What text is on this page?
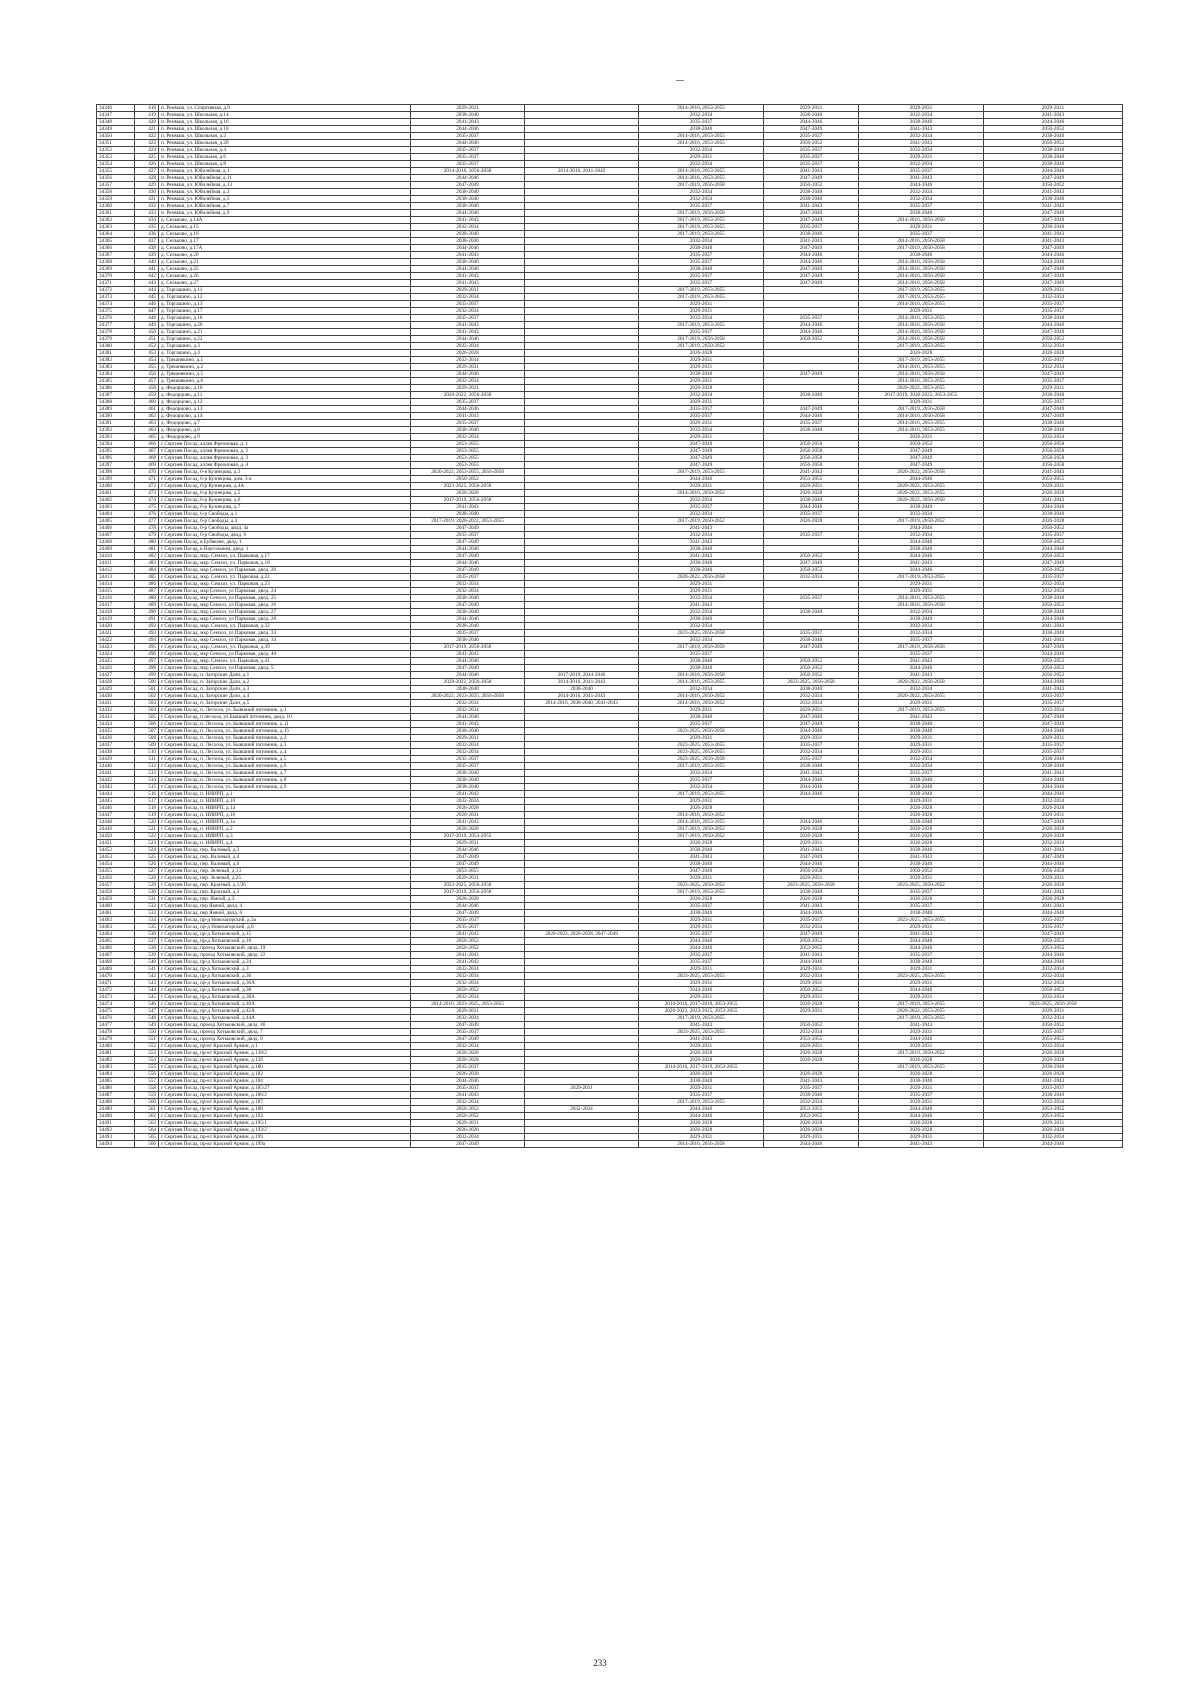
34346	418	п. Реммаш, ул. Спортивная, д.9	2029-2031		2014-2016, 2053-2055	2029-2031	2029-2031	2029-2031
34347	419	п. Реммаш, ул. Школьная, д.14	2038-2040		2032-2034	2038-2040	2032-2034	2041-2043
34348	420	п. Реммаш, ул. Школьная, д.16	2041-2043		2035-2037	2044-2046	2038-2040	2044-2046
34349	421	п. Реммаш, ул. Школьная, д.18	2044-2046		2038-2040	2047-2049	2041-2043	2050-2052
34350	422	п. Реммаш, ул. Школьная, д.2	2035-2037		2014-2016, 2053-2055	2035-2037	2032-2034	2038-2040
34351	423	п. Реммаш, ул. Школьная, д.20	2044-2046		2014-2016, 2053-2055	2050-2052	2041-2043	2050-2052
34352	424	п. Реммаш, ул. Школьная, д.4	2035-2037		2032-2034	2035-2037	2032-2034	2038-2040
34353	425	п. Реммаш, ул. Школьная, д.6	2035-2037		2029-2031	2035-2037	2029-2031	2038-2040
34354	426	п. Реммаш, ул. Школьная, д.8	2035-2037		2032-2034	2035-2037	2032-2034	2038-2040
34355	427	п. Реммаш, ул. Юбилейная, д.1	2014-2016, 2056-2058	2014-2016, 2041-2043	2014-2016, 2053-2055	2041-2043	2035-2037	2044-2046
34356	428	п. Реммаш, ул. Юбилейная, д.11	2044-2046		2014-2016, 2053-2055	2047-2049	2041-2043	2047-2049
34357	429	п. Реммаш, ул. Юбилейная, д.13	2047-2049		2017-2019, 2056-2058	2050-2052	2044-2046	2050-2052
34358	430	п. Реммаш, ул. Юбилейная, д.3	2038-2040		2032-2034	2038-2040	2032-2034	2041-2043
34359	431	п. Реммаш, ул. Юбилейная, д.5	2038-2040		2032-2034	2038-2040	2032-2034	2038-2040
34360	432	п. Реммаш, ул. Юбилейная, д.7	2038-2040		2035-2037	2041-2043	2035-2037	2041-2043
34361	433	п. Реммаш, ул. Юбилейная, д.9	2044-2046		2017-2019, 2056-2058	2047-2049	2038-2040	2047-2049
34362	434	д. Сельково, д.14А	2041-2043		2017-2019, 2053-2055	2047-2049	2014-2016, 2056-2058	2047-2049
34363	435	д. Сельково, д.15	2032-2034		2017-2019, 2053-2055	2035-2037	2029-2031	2038-2040
34364	436	д. Сельково, д.16	2038-2040		2017-2019, 2053-2055	2038-2040	2035-2037	2041-2043
34365	437	д. Сельково, д.17	2038-2040		2032-2034	2041-2043	2014-2016, 2056-2058	2041-2043
34366	438	д. Сельково, д.17А	2044-2046		2038-2040	2047-2049	2017-2019, 2056-2058	2047-2049
34367	439	д. Сельково, д.20	2041-2043		2035-2037	2044-2046	2038-2040	2044-2046
34368	440	д. Сельково, д.21	2038-2040		2035-2037	2044-2046	2014-2016, 2056-2058	2044-2046
34369	441	д. Сельково, д.25	2044-2046		2038-2040	2047-2049	2014-2016, 2056-2058	2047-2049
34370	442	д. Сельково, д.26	2041-2043		2035-2037	2047-2049	2014-2016, 2056-2058	2047-2049
34371	443	д. Сельково, д.27	2041-2043		2035-2037	2047-2049	2014-2016, 2056-2058	2047-2049
34372	444	д. Торгашино, д.11	2029-2031		2017-2019, 2053-2055		2017-2019, 2053-2055	2029-2031
34373	445	д. Торгашино, д.12	2032-2034		2017-2019, 2053-2055		2017-2019, 2053-2055	2032-2034
34374	446	д. Торгашино, д.13	2035-2037		2029-2031		2014-2016, 2053-2055	2035-2037
34375	447	д. Торгашино, д.17	2032-2034		2029-2031		2029-2031	2035-2037
34376	448	д. Торгашино, д.18	2035-2037		2032-2034	2035-2037	2014-2016, 2053-2055	2038-2040
34377	449	д. Торгашино, д.20	2041-2043		2017-2019, 2053-2055	2044-2046	2014-2016, 2056-2058	2044-2046
34378	450	д. Торгашино, д.21	2041-2043		2035-2037	2044-2046	2014-2016, 2056-2058	2047-2049
34379	451	д. Торгашино, д.22	2044-2046		2017-2019, 2056-2058	2050-2052	2014-2016, 2056-2058	2050-2052
34380	452	д. Торгашино, д.3	2032-2034		2017-2019, 2050-2052		2017-2019, 2053-2055	2032-2034
34381	453	д. Торгашино, д.4	2026-2028		2026-2028		2026-2028	2026-2028
34382	454	д. Трешнякино, д.1	2032-2034		2029-2031		2017-2019, 2053-2055	2035-2037
34383	455	д. Трешнякино, д.2	2029-2031		2029-2031		2014-2016, 2053-2055	2032-2034
34384	456	д. Трешнякино, д.5	2044-2046		2038-2040	2047-2049	2014-2016, 2056-2058	2047-2049
34385	457	д. Трешнякино, д.6	2032-2034		2029-2031		2014-2016, 2053-2055	2035-2037
34386	458	д. Федорцово, д.10	2029-2031		2026-2028		2020-2022, 2053-2055	2029-2031
34387	459	д. Федорцово, д.11	2020-2022, 2056-2058		2032-2034	2038-2040	2017-2019, 2020-2022, 2053-2055	2038-2040
34388	460	д. Федорцово, д.12	2035-2037		2029-2031		2029-2031	2035-2037
34389	461	д. Федорцово, д.13	2044-2046		2035-2037	2047-2049	2017-2019, 2056-2058	2047-2049
34390	462	д. Федорцово, д.14	2041-2043		2035-2037	2044-2046	2014-2016, 2056-2058	2047-2049
34391	463	д. Федорцово, д.7	2035-2037		2029-2031	2035-2037	2014-2016, 2053-2055	2038-2040
34392	464	д. Федорцово, д.8	2038-2040		2032-2034	2038-2040	2014-2016, 2053-2055	2038-2040
34393	465	д. Федорцово, д.9	2032-2034		2029-2031		2026-2031	2032-2034
34394	466	г Сергиев Посад, аллея Фреоновая, д. 1	2053-2055		2047-2049	2056-2058	2050-2052	2056-2058
34395	467	г Сергиев Посад, аллея Фреоновая, д. 2	2053-2055		2047-2049	2056-2058	2047-2049	2056-2058
34396	468	г Сергиев Посад, аллея Фреоновая, д. 3	2053-2055		2047-2049	2056-2058	2047-2049	2056-2058
34397	469	г Сергиев Посад, аллея Фреоновая, д. 4	2053-2055		2047-2049	2056-2058	2047-2049	2056-2058
34398	470	г Сергиев Посад, 6-я Кузнецова, д.3	2020-2022, 2053-2055, 2056-2058		2017-2019, 2053-2055	2041-2043	2020-2022, 2056-2058	2041-2043
34399	471	г Сергиев Посад, 6-р Кузнецова, дом. 3-а	2050-2052		2044-2046	2053-2055	2044-2046	2053-2055
34400	472	г Сергиев Посад, 6-р Кузнецова, д.4А	2023-2025, 2056-2058		2029-2031	2029-2031	2020-2022, 2053-2055	2029-2031
34401	473	г Сергиев Посад, 6-р Кузнецова, д.5	2026-2028		2014-2016, 2050-2052	2026-2028	2020-2022, 2053-2055	2026-2028
34402	474	г Сергиев Посад, 6-р Кузнецова, д.6	2017-2019, 2056-2058		2032-2034	2038-2040	2020-2022, 2056-2058	2041-2043
34403	475	г Сергиев Посад, 6-р Кузнецова, д.7	2041-2043		2035-2037	2044-2046	2038-2040	2044-2046
34404	476	г Сергиев Посад, 6-р Свободы, д.1	2038-2040		2032-2034	2035-2037	2032-2034	2038-2040
34405	477	г Сергиев Посад, 6-р Свободы, д.3	2017-2019, 2020-2022, 2053-2055		2017-2019, 2050-2052	2026-2028	2017-2019, 2050-2052	2026-2028
34406	478	г Сергиев Посад, 6-р Свободы, двлд. 4а	2047-2049		2041-2043		2044-2046	2050-2052
34407	479	г Сергиев Посад, 6-р Свободы, двлд. 6	2035-2037		2032-2034	2035-2037	2032-2034	2035-2037
34408	480	г Сергиев Посад, в Бубякове, двлд. 1	2047-2049		2041-2043		2044-2046	2050-2052
34409	481	г Сергиев Посад, в Наугольном, двлд. 1	2044-2046		2038-2040		2038-2040	2044-2046
34410	482	г Сергиев Посад, мкр. Семхоз, ул. Парковая, д.17	2047-2049		2041-2043	2050-2052	2044-2046	2050-2052
34411	483	г Сергиев Посад, мкр. Семхоз, ул. Парковая, д.18	2044-2046		2038-2040	2047-2049	2041-2043	2047-2049
34412	484	г Сергиев Посад, мкр Семхоз, ул Парковая, двлд. 20	2047-2049		2038-2040	2050-2052	2044-2046	2050-2052
34413	485	г Сергиев Посад, мкр. Семхоз, ул. Парковая, д.22	2035-2037		2020-2022, 2056-2058	2032-2034	2017-2019, 2053-2055	2035-2037
34414	486	г Сергиев Посад, мкр. Семхоз, ул. Парковая, д.23	2032-2034		2029-2031		2029-2031	2032-2034
34415	487	г Сергиев Посад, мкр Семхоз, ул Парковая, двлд. 24	2032-2034		2029-2031		2029-2031	2032-2034
34416	488	г Сергиев Посад, мкр Семхоз, ул Парковая, двлд. 25	2038-2040		2032-2034	2035-2037	2014-2016, 2053-2055	2038-2040
34417	489	г Сергиев Посад, мкр Семхоз, ул Парковая, двлд. 26	2047-2049		2041-2043		2014-2016, 2056-2058	2050-2052
34418	490	г Сергиев Посад, мкр Семхоз, ул Парковая, двлд. 27	2038-2040		2032-2034	2038-2040	2032-2034	2038-2040
34419	491	г Сергиев Посад, мкр Семхоз, ул Парковая, двлд. 28	2044-2046		2038-2040		2038-2040	2044-2046
34420	492	г Сергиев Посад, мкр. Семхоз, ул. Парковая, д.32	2038-2040		2032-2034		2032-2034	2041-2043
34421	493	г Сергиев Посад, мкр Семхоз, ул Парковая, двлд. 33	2035-2037		2023-2025, 2056-2058	2035-2037	2032-2034	2038-2040
34422	494	г Сергиев Посад, мкр Семхоз, ул Парковая, двлд. 34	2038-2040		2032-2034	2038-2040	2035-2037	2041-2043
34423	495	г Сергиев Посад, мкр. Семхоз, ул. Парковая, д.39	2017-2019, 2056-2058		2017-2019, 2056-2058	2047-2049	2017-2019, 2056-2058	2047-2049
34424	496	г Сергиев Посад, мкр Семхоз, ул Парковая, двлд. 40	2041-2043		2035-2037		2035-2037	2044-2046
34425	497	г Сергиев Посад, мкр. Семхоз, ул. Парковая, д.41	2044-2046		2038-2040	2050-2052	2041-2043	2050-2052
34426	498	г Сергиев Посад, мкр Семхоз, ул Парковая, двлд. 5	2047-2049		2038-2040	2050-2052	2044-2046	2050-2052
34427	499	г Сергиев Посад, п. Загорские Дали, д.1	2044-2046	2017-2019, 2044-2046	2014-2016, 2056-2058	2050-2052	2041-2043	2050-2052
34428	500	г Сергиев Посад, п. Загорские Дали, д.2	2020-2022, 2056-2058	2014-2016, 2041-2043	2014-2016, 2053-2055	2023-2025, 2056-2058	2020-2022, 2056-2058	2044-2046
34429	501	г Сергиев Посад, п. Загорские Дали, д.3	2038-2040	2038-2040	2032-2034	2038-2040	2032-2034	2041-2043
34430	502	г Сергиев Посад, п. Загорские Дали, д.4	2020-2022, 2023-2025, 2056-2058	2014-2016, 2041-2043	2014-2016, 2050-2052	2032-2034	2020-2022, 2053-2055	2035-2037
34431	503	г Сергиев Посад, п. Загорские Дали, д.5	2032-2034	2014-2016, 2038-2040, 2041-2043	2014-2016, 2050-2052	2032-2034	2029-2031	2035-2037
34432	504	г Сергиев Посад, п. Лесхоза, ул. Бывшиий питомник, д.1	2032-2034		2029-2031	2029-2031	2017-2019, 2053-2055	2032-2034
34433	505	г Сергиев Посад, п лесхоза, ул Бывший питомник, двлд. 10	2044-2046		2038-2040	2047-2049	2041-2043	2047-2049
34434	506	г Сергиев Посад, п. Лесхоза, ул. Бывшиий питомник, д.11	2041-2043		2035-2037	2047-2049	2038-2040	2047-2049
34435	507	г Сергиев Посад, п. Лесхоза, ул. Бывшиий питомник, д.15	2038-2040		2023-2025, 2056-2058	2044-2046	2038-2040	2044-2046
34436	508	г Сергиев Посад, п. Лесхоза, ул. Бывшиий питомник, д.2	2029-2031		2029-2031	2029-2031	2029-2031	2029-2031
34437	509	г Сергиев Посад, п. Лесхоза, ул. Бывшиий питомник, д.3	2032-2034		2023-2025, 2053-2055	2035-2037	2029-2031	2035-2037
34438	510	г Сергиев Посад, п. Лесхоза, ул. Бывшиий питомник, д.4	2032-2034		2023-2025, 2053-2055	2032-2034	2029-2031	2035-2037
34439	511	г Сергиев Посад, п. Лесхоза, ул. Бывшиий питомник, д.5	2035-2037		2023-2025, 2056-2058	2035-2037	2032-2034	2038-2040
34440	512	г Сергиев Посад, п. Лесхоза, ул. Бывшиий питомник, д.6	2035-2037		2017-2019, 2053-2055	2038-2040	2032-2034	2038-2040
34441	513	г Сергиев Посад, п. Лесхоза, ул. Бывшиий питомник, д.7	2038-2040		2032-2034	2041-2043	2035-2037	2041-2043
34442	514	г Сергиев Посад, п. Лесхоза, ул. Бывшиий питомник, д.8	2038-2040		2035-2037	2044-2046	2038-2040	2044-2046
34443	515	г Сергиев Посад, п. Лесхоза, ул. Бывшиий питомник, д.9	2038-2040		2032-2034	2044-2046	2038-2040	2044-2046
34444	516	г Сергиев Посад, п. НИИРП, д.1	2041-2043		2017-2019, 2053-2055	2044-2046	2038-2040	2044-2046
34445	517	г Сергиев Посад, п. НИИРП, д.10	2032-2034		2029-2031		2029-2031	2032-2034
34446	518	г Сергиев Посад, п. НИИРП, д.14	2026-2028		2026-2028		2026-2028	2026-2028
34447	519	г Сергиев Посад, п. НИИРП, д.16	2020-2031		2014-2016, 2050-2052		2026-2028	2029-2031
34448	520	г Сергиев Посад, п. НИИРП, д.1а	2041-2043		2014-2016, 2053-2055	2044-2046	2038-2040	2047-2049
34449	521	г Сергиев Посад, п. НИИРП, д.2	2026-2028		2017-2019, 2050-2052	2026-2028	2026-2028	2026-2028
34450	522	г Сергиев Посад, п. НИИРП, д.3	2017-2019, 2053-2055		2017-2019, 2050-2052	2026-2028	2026-2028	2026-2028
34451	523	г Сергиев Посад, п. НИИРП, д.4	2029-2031		2026-2028	2029-2031	2026-2028	2032-2034
34452	524	г Сергиев Посад, пер. Валовый, д.3	2044-2046		2038-2040	2041-2043	2038-2040	2041-2043
34453	525	г Сергиев Посад, пер. Валовый, д.4	2047-2049		2041-2043	2047-2049	2041-2043	2047-2049
34454	526	г Сергиев Посад, пер. Валовый, д.6	2047-2049		2038-2040	2044-2046	2038-2040	2044-2046
34455	527	г Сергиев Посад, пер. Зеленый, д.13	2053-2055		2047-2049	2056-2058	2050-2052	2056-2058
34456	528	г Сергиев Посад, пер. Зеленый, д.25	2029-2031		2029-2031	2029-2031	2029-2031	2029-2031
34457	529	г Сергиев Посад, пер. Красный, д.1/26	2023-2025, 2056-2058		2023-2025, 2050-2052	2023-2025, 2056-2058	2023-2025, 2050-2052	2026-2028
34458	530	г Сергиев Посад, пер. Красный, д.3	2017-2019, 2056-2058		2017-2019, 2053-2055	2038-2040	2035-2037	2041-2043
34459	531	г Сергиев Посад, пер. Ямной, д.3	2026-2028		2026-2028	2026-2028	2026-2028	2026-2028
34460	532	г Сергиев Посад, пер Ямной, двлд. 4	2044-2046		2035-2037	2041-2043	2035-2037	2041-2043
34461	533	г Сергиев Посад, пер Ямной, двлд. 6	2047-2049		2038-2040	2044-2046	2038-2040	2044-2046
34462	534	г Сергиев Посад, пр-д Новозагорский, д.3а	2035-2037		2029-2031	2035-2037	2023-2025, 2053-2055	2035-2037
34463	535	г Сергиев Посад, пр-д Новозагорский, д.6	2035-2037		2029-2031	2032-2034	2029-2031	2035-2037
34464	536	г Сергиев Посад, пр-д Хотьковский, д.15	2041-2043	2020-2022, 2026-2028, 2047-2049	2035-2037	2047-2049	2041-2043	2047-2049
34465	537	г Сергиев Посад, пр-д Хотьковский, д.18	2050-2052		2044-2046	2050-2052	2044-2046	2050-2052
34466	538	г Сергиев Посад, проезд Хотьковский, двлд. 19	2050-2052		2044-2046	2053-2055	2044-2046	2053-2055
34467	539	г Сергиев Посад, проезд Хотьковский, двлд. 22	2041-2043		2035-2037	2041-2043	2035-2037	2044-2046
34468	540	г Сергиев Посад, пр-д Хотьковский, д.24	2041-2043		2035-2037	2044-2046	2038-2040	2044-2046
34469	541	г Сергиев Посад, пр-д Хотьковский, д.3	2032-2034		2029-2031	2029-2031	2029-2031	2032-2034
34470	542	г Сергиев Посад, пр-д Хотьковский, д.36	2032-2034		2023-2025, 2053-2055	2032-2034	2023-2025, 2053-2055	2032-2034
34471	543	г Сергиев Посад, пр-д Хотьковский, д.36А	2032-2034		2029-2031	2029-2031	2029-2031	2032-2034
34472	544	г Сергиев Посад, пр-д Хотьковский, д.38	2050-2052		2044-2046	2050-2052	2044-2046	2050-2052
34473	545	г Сергиев Посад, пр-д Хотьковский, д.38А	2032-2034		2029-2031	2029-2031	2029-2031	2032-2034
34474	546	г Сергиев Посад, пр-д Хотьковский, д.40А	2014-2016, 2023-2025, 2053-2055		2014-2016, 2017-2019, 2053-2055	2026-2028	2017-2019, 2053-2055	2023-2025, 2056-2058
34475	547	г Сергиев Посад, пр-д Хотьковский, д.42А	2029-2031		2020-2022, 2023-2025, 2053-2055	2029-2031	2020-2022, 2053-2055	2029-2031
34476	548	г Сергиев Посад, пр-д Хотьковский, д.44А	2032-2034		2017-2019, 2053-2055		2017-2019, 2053-2055	2032-2034
34477	549	г Сергиев Посад, проезд Хотьковский, двлд. 46	2047-2049		2041-2043	2050-2052	2041-2043	2050-2052
34478	550	г Сергиев Посад, проезд Хотьковский, двлд. 7	2035-2037		2023-2025, 2053-2055	2032-2034	2029-2031	2035-2037
34479	551	г Сергиев Посад, проезд Хотьковский, двлд. 9	2047-2049		2041-2043	2053-2055	2044-2046	2053-2055
34480	552	г Сергиев Посад, пр-кт Красной Армии, д.1	2032-2034		2029-2031	2029-2031	2029-2031	2032-2034
34481	553	г Сергиев Посад, пр-кт Красной Армии, д.138/2	2026-2028		2026-2028	2026-2028	2017-2019, 2050-2052	2026-2028
34482	554	г Сергиев Посад, пр-кт Красной Армии, д.139	2026-2028		2026-2028	2026-2028	2026-2028	2026-2028
34483	555	г Сергиев Посад, пр-кт Красной Армии, д.180	2035-2037		2014-2016, 2017-2019, 2053-2055		2017-2019, 2053-2055	2038-2040
34484	556	г Сергиев Посад, пр-кт Красной Армии, д.182	2026-2028		2026-2028	2026-2028	2026-2028	2026-2028
34485	557	г Сергиев Посад, пр-кт Красной Армии, д.184	2044-2046		2038-2040	2041-2043	2038-2040	2041-2043
34486	558	г Сергиев Посад, пр-кт Красной Армии, д.185/27	2035-2037	2029-2031	2029-2031	2035-2037	2029-2031	2035-2037
34487	559	г Сергиев Посад, пр-кт Красной Армии, д.186/2	2041-2043		2035-2037	2038-2040	2035-2037	2038-2040
34488	560	г Сергиев Посад, пр-кт Красной Армии, д.187	2032-2034		2017-2019, 2053-2055	2032-2034	2029-2031	2032-2034
34489	561	г Сергиев Посад, пр-кт Красной Армии, д.188	2050-2052	2032-2034	2044-2046	2053-2055	2044-2046	2053-2055
34490	562	г Сергиев Посад, пр-кт Красной Армии, д.192	2050-2052		2044-2046	2053-2055	2044-2046	2053-2055
34491	563	г Сергиев Посад, пр-кт Красной Армии, д.195/1	2029-2031		2026-2028	2026-2028	2026-2028	2029-2031
34492	564	г Сергиев Посад, пр-кт Красной Армии, д.193/2	2026-2028		2026-2028	2026-2028	2026-2028	2026-2028
34493	565	г Сергиев Посад, пр-кт Красной Армии, д.199	2032-2034		2029-2031	2029-2031	2029-2031	2032-2034
34494	566	г Сергиев Посад, пр-кт Красной Армии, д.199а	2047-2049		2014-2016, 2056-2058	2044-2046	2041-2043	2044-2046
233
